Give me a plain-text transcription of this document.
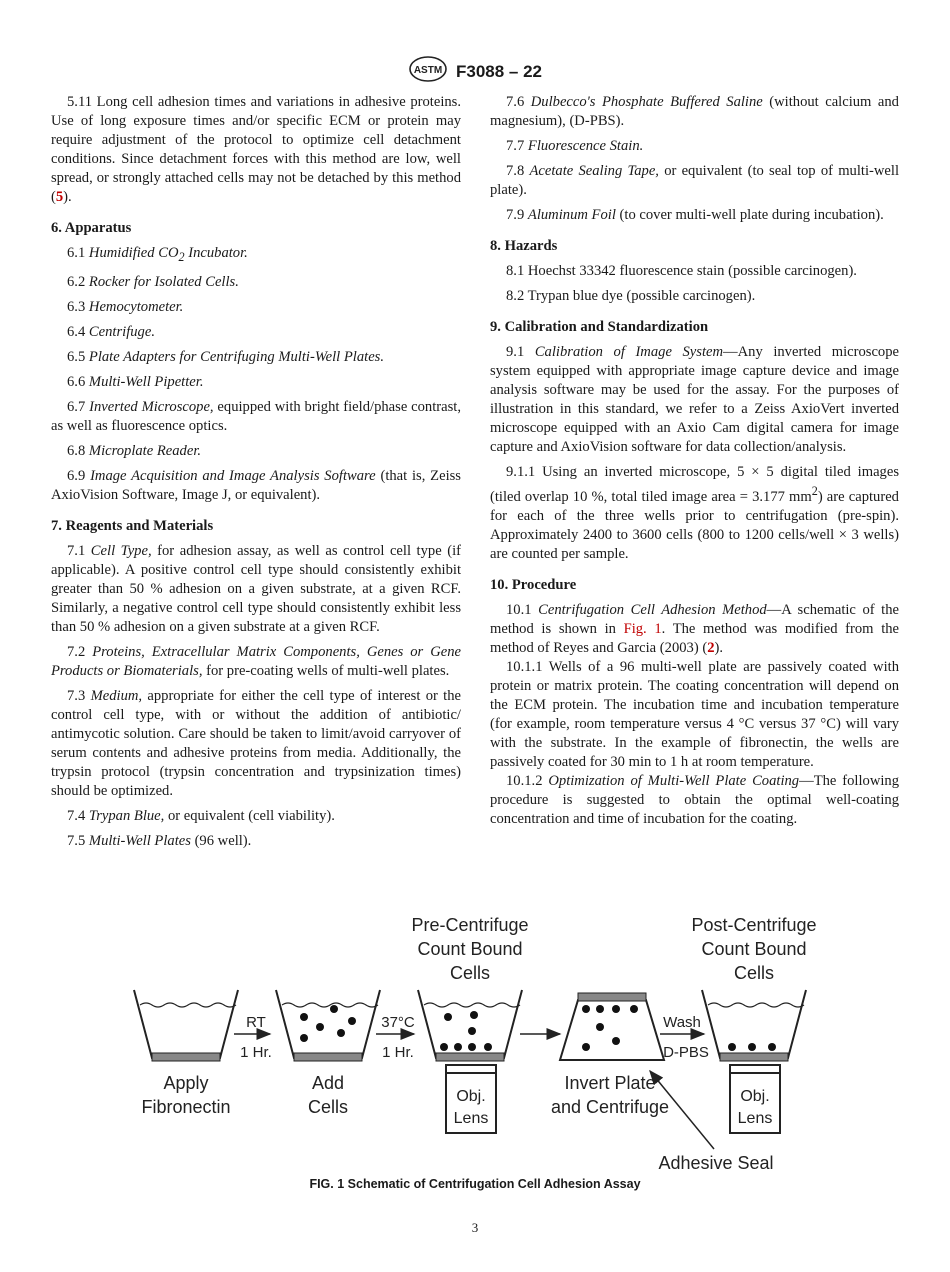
ASTM F3088 – 22

5.11 Long cell adhesion times and variations in adhesive proteins. Use of long exposure times and/or specific ECM or protein may require adjustment of the protocol to optimize cell detachment conditions. Since detachment forces with this method are low, well spread, or strongly attached cells may not be detached by this method (5).

6. Apparatus

6.1 Humidified $CO_2$ Incubator.

6.2 Rocker for Isolated Cells.

6.3 Hemocytometer.

6.4 Centrifuge.

6.5 Plate Adapters for Centrifuging Multi-Well Plates.

6.6 Multi-Well Pipetter.

6.7 Inverted Microscope, equipped with bright field/phase contrast, as well as fluorescence optics.

6.8 Microplate Reader.

6.9 Image Acquisition and Image Analysis Software (that is, Zeiss AxioVision Software, Image J, or equivalent).

7. Reagents and Materials

7.1 Cell Type, for adhesion assay, as well as control cell type (if applicable). A positive control cell type should consistently exhibit greater than 50 % adhesion on a given substrate, at a given RCF. Similarly, a negative control cell type should consistently exhibit less than 50 % adhesion on a given substrate at a given RCF.

7.2 Proteins, Extracellular Matrix Components, Genes or Gene Products or Biomaterials, for pre-coating wells of multi-well plates.

7.3 Medium, appropriate for either the cell type of interest or the control cell type, with or without the addition of antibiotic/ antimycotic solution. Care should be taken to limit/avoid carryover of serum contents and adhesive proteins from media. Additionally, the trypsin protocol (trypsin concentration and trypsinization times) should be optimized.

7.4 Trypan Blue, or equivalent (cell viability).

7.5 Multi-Well Plates (96 well).

7.6 Dulbecco's Phosphate Buffered Saline (without calcium and magnesium), (D-PBS).

7.7 Fluorescence Stain.

7.8 Acetate Sealing Tape, or equivalent (to seal top of multi-well plate).

7.9 Aluminum Foil (to cover multi-well plate during incubation).

8. Hazards

8.1 Hoechst 33342 fluorescence stain (possible carcinogen).

8.2 Trypan blue dye (possible carcinogen).

9. Calibration and Standardization

9.1 Calibration of Image System—Any inverted microscope system equipped with appropriate image capture device and image analysis software may be used for the assay. For the purposes of illustration in this standard, we refer to a Zeiss AxioVert inverted microscope equipped with an Axio Cam digital camera for image capture and AxioVision software for data collection/analysis.

9.1.1 Using an inverted microscope, 5 × 5 digital tiled images (tiled overlap 10 %, total tiled image area = 3.177 $mm^2$) are captured for each of the three wells prior to centrifugation (pre-spin). Approximately 2400 to 3600 cells (800 to 1200 cells/well × 3 wells) are counted per sample.

10. Procedure

10.1 Centrifugation Cell Adhesion Method—A schematic of the method is shown in Fig. 1. The method was modified from the method of Reyes and Garcia (2003) (2).

10.1.1 Wells of a 96 multi-well plate are passively coated with protein or matrix protein. The coating concentration will depend on the ECM protein. The incubation time and incubation temperature (for example, room temperature versus 4 °C versus 37 °C) will vary with the substrate. In the example of fibronectin, the wells are passively coated for 30 min to 1 h at room temperature.

10.1.2 Optimization of Multi-Well Plate Coating—The following procedure is suggested to obtain the optimal well-coating concentration and time of incubation for the coating.

Pre-Centrifuge
Count Bound
Cells
Post-Centrifuge
Count Bound
Cells
Apply
Fibronectin
RT
1 Hr.
Add
Cells
37°C
1 Hr.
Obj.
Lens
Invert Plate
and Centrifuge
Wash
D-PBS
Obj.
Lens
Adhesive Seal
FIG. 1 Schematic of Centrifugation Cell Adhesion Assay
3
